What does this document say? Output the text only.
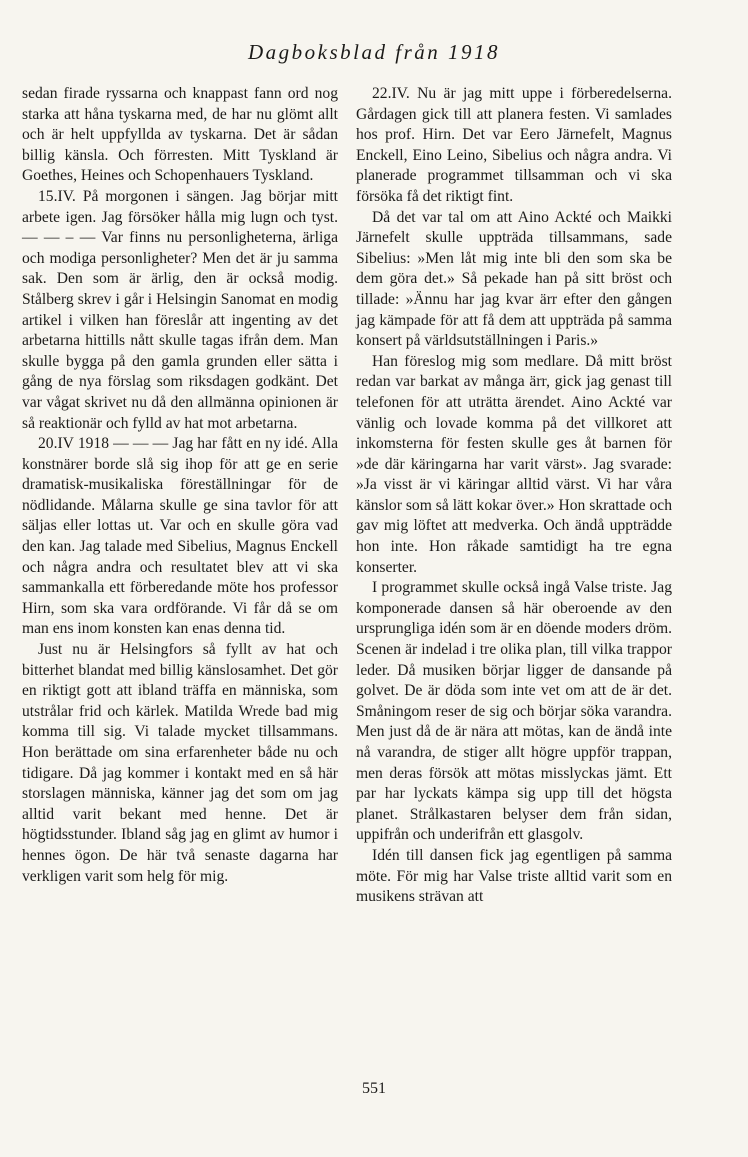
Dagboksblad från 1918

sedan firade ryssarna och knappast fann ord nog starka att håna tyskarna med, de har nu glömt allt och är helt uppfyllda av tyskarna. Det är sådan billig känsla. Och förresten. Mitt Tyskland är Goethes, Heines och Schopenhauers Tyskland.

15.IV. På morgonen i sängen. Jag börjar mitt arbete igen. Jag försöker hålla mig lugn och tyst. — — – — Var finns nu personligheterna, ärliga och modiga personligheter? Men det är ju samma sak. Den som är ärlig, den är också modig. Stålberg skrev i går i Helsingin Sanomat en modig artikel i vilken han föreslår att ingenting av det arbetarna hittills nått skulle tagas ifrån dem. Man skulle bygga på den gamla grunden eller sätta i gång de nya förslag som riksdagen godkänt. Det var vågat skrivet nu då den allmänna opinionen är så reaktionär och fylld av hat mot arbetarna.

20.IV 1918 — — — Jag har fått en ny idé. Alla konstnärer borde slå sig ihop för att ge en serie dramatisk-musikaliska föreställningar för de nödlidande. Målarna skulle ge sina tavlor för att säljas eller lottas ut. Var och en skulle göra vad den kan. Jag talade med Sibelius, Magnus Enckell och några andra och resultatet blev att vi ska sammankalla ett förberedande möte hos professor Hirn, som ska vara ordförande. Vi får då se om man ens inom konsten kan enas denna tid.

Just nu är Helsingfors så fyllt av hat och bitterhet blandat med billig känslosamhet. Det gör en riktigt gott att ibland träffa en människa, som utstrålar frid och kärlek. Matilda Wrede bad mig komma till sig. Vi talade mycket tillsammans. Hon berättade om sina erfarenheter både nu och tidigare. Då jag kommer i kontakt med en så här storslagen människa, känner jag det som om jag alltid varit bekant med henne. Det är högtidsstunder. Ibland såg jag en glimt av humor i hennes ögon. De här två senaste dagarna har verkligen varit som helg för mig.

22.IV. Nu är jag mitt uppe i förberedelserna. Gårdagen gick till att planera festen. Vi samlades hos prof. Hirn. Det var Eero Järnefelt, Magnus Enckell, Eino Leino, Sibelius och några andra. Vi planerade programmet tillsamman och vi ska försöka få det riktigt fint.

Då det var tal om att Aino Ackté och Maikki Järnefelt skulle uppträda tillsammans, sade Sibelius: »Men låt mig inte bli den som ska be dem göra det.» Så pekade han på sitt bröst och tillade: »Ännu har jag kvar ärr efter den gången jag kämpade för att få dem att uppträda på samma konsert på världsutställningen i Paris.»

Han föreslog mig som medlare. Då mitt bröst redan var barkat av många ärr, gick jag genast till telefonen för att uträtta ärendet. Aino Ackté var vänlig och lovade komma på det villkoret att inkomsterna för festen skulle ges åt barnen för »de där käringarna har varit värst». Jag svarade: »Ja visst är vi käringar alltid värst. Vi har våra känslor som så lätt kokar över.» Hon skrattade och gav mig löftet att medverka. Och ändå uppträdde hon inte. Hon råkade samtidigt ha tre egna konserter.

I programmet skulle också ingå Valse triste. Jag komponerade dansen så här oberoende av den ursprungliga idén som är en döende moders dröm. Scenen är indelad i tre olika plan, till vilka trappor leder. Då musiken börjar ligger de dansande på golvet. De är döda som inte vet om att de är det. Småningom reser de sig och börjar söka varandra. Men just då de är nära att mötas, kan de ändå inte nå varandra, de stiger allt högre uppför trappan, men deras försök att mötas misslyckas jämt. Ett par har lyckats kämpa sig upp till det högsta planet. Strålkastaren belyser dem från sidan, uppifrån och underifrån ett glasgolv.

Idén till dansen fick jag egentligen på samma möte. För mig har Valse triste alltid varit som en musikens strävan att

551
